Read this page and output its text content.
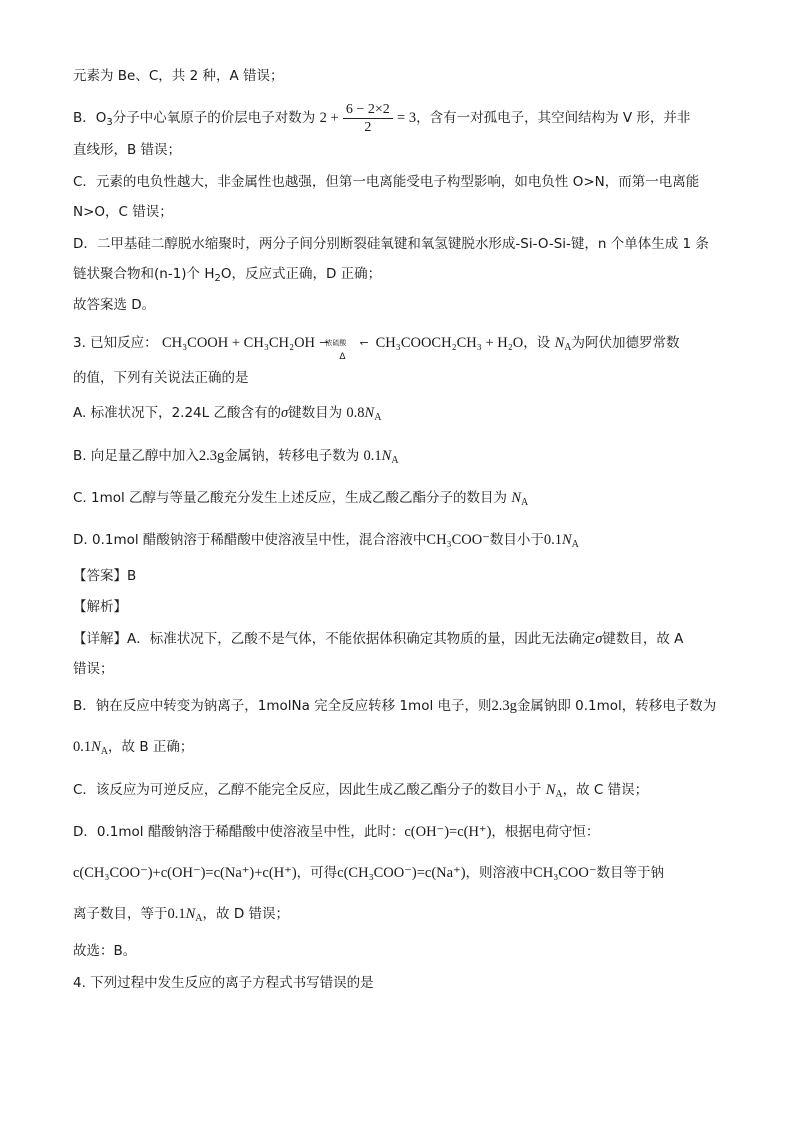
元素为 Be、C，共 2 种，A 错误；
B．$O_3$分子中心氧原子的价层电子对数为 $2 + \frac{6 - 2\times 2}{2} = 3$，含有一对孤电子，其空间结构为 V 形，并非
直线形，B 错误；
C．元素的电负性越大，非金属性也越强，但第一电离能受电子构型影响，如电负性 O>N，而第一电离能
N>O，C 错误；
D．二甲基硅二醇脱水缩聚时，两分子间分别断裂硅氧键和氧氢键脱水形成-Si-O-Si-键，n 个单体生成 1 条
链状聚合物和(n-1)个 $H_2O$，反应式正确，D 正确；
故答案选 D。
3. 已知反应： CH₃COOH + CH₃CH₂OH ⇀
浓硫酸
Δ
↽ CH₃COOCH₂CH₃ + H₂O，设 $N_A$为阿伏加德罗常数
的值，下列有关说法正确的是
A. 标准状况下，2.24L 乙酸含有的σ键数目为 $0.8N_A$
B. 向足量乙醇中加入2.3g金属钠，转移电子数为 $0.1N_A$
C. 1mol 乙醇与等量乙酸充分发生上述反应，生成乙酸乙酯分子的数目为 $N_A$
D. 0.1mol 醋酸钠溶于稀醋酸中使溶液呈中性，混合溶液中CH₃COO⁻数目小于$0.1N_A$
【答案】B
【解析】
【详解】A．标准状况下，乙酸不是气体，不能依据体积确定其物质的量，因此无法确定σ键数目，故 A
错误；
B．钠在反应中转变为钠离子，1molNa 完全反应转移 1mol 电子，则2.3g金属钠即 0.1mol，转移电子数为
$0.1N_A$，故 B 正确；
C．该反应为可逆反应，乙醇不能完全反应，因此生成乙酸乙酯分子的数目小于 $N_A$，故 C 错误；
D．0.1mol 醋酸钠溶于稀醋酸中使溶液呈中性，此时：c(OH⁻)=c(H⁺)，根据电荷守恒：
c(CH₃COO⁻)+c(OH⁻)=c(Na⁺)+c(H⁺)，可得c(CH₃COO⁻)=c(Na⁺)，则溶液中CH₃COO⁻数目等于钠
离子数目，等于$0.1N_A$，故 D 错误；
故选：B。
4. 下列过程中发生反应的离子方程式书写错误的是
